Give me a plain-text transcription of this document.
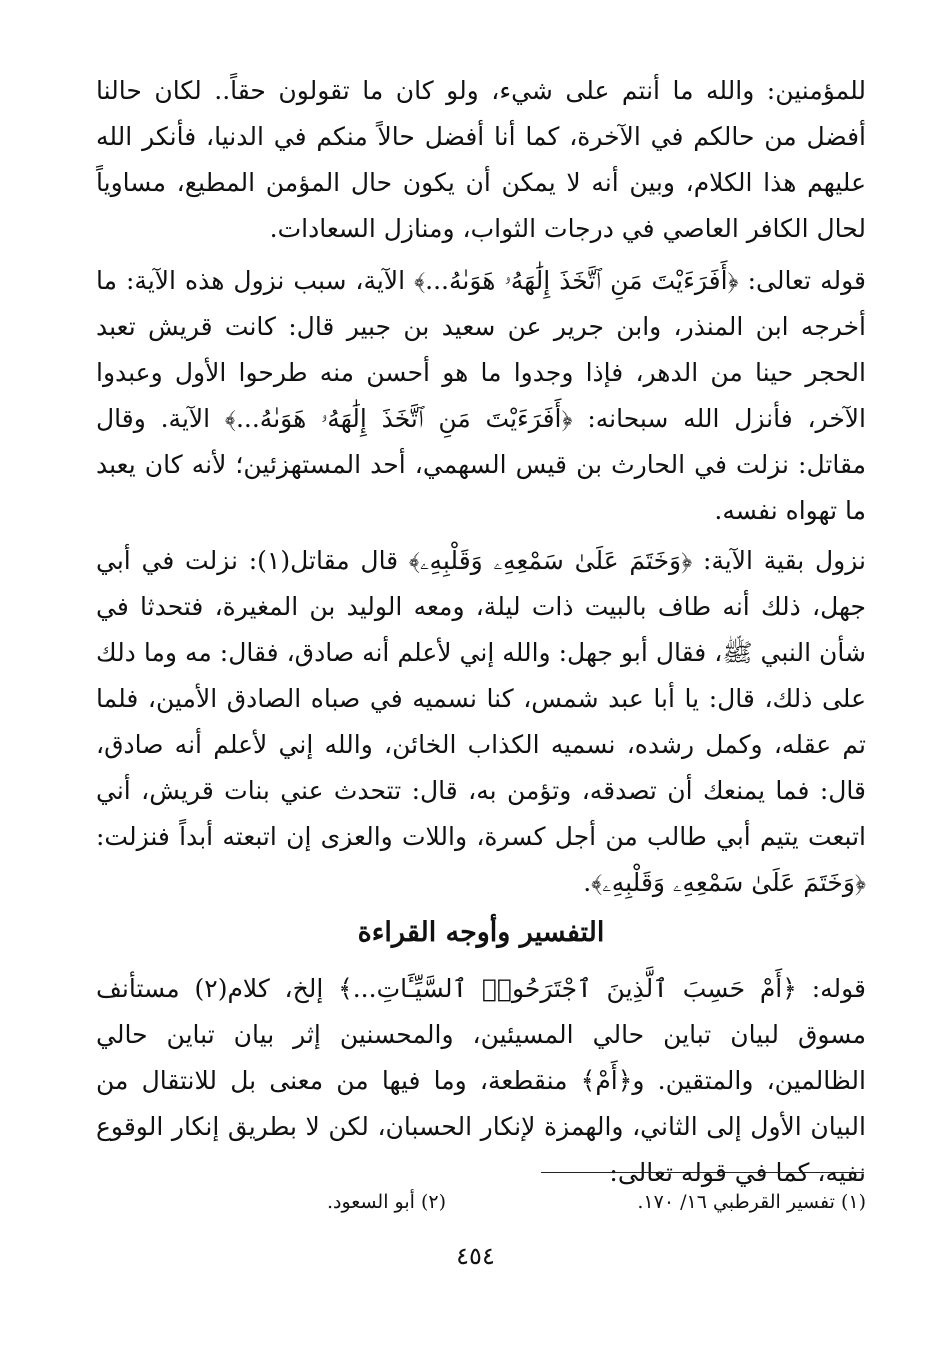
للمؤمنين: والله ما أنتم على شيء، ولو كان ما تقولون حقاً.. لكان حالنا أفضل من حالكم في الآخرة، كما أنا أفضل حالاً منكم في الدنيا، فأنكر الله عليهم هذا الكلام، وبين أنه لا يمكن أن يكون حال المؤمن المطيع، مساوياً لحال الكافر العاصي في درجات الثواب، ومنازل السعادات.

قوله تعالى: ﴿أَفَرَءَيْتَ مَنِ ٱتَّخَذَ إِلَٰهَهُۥ هَوَىٰهُ...﴾ الآية، سبب نزول هذه الآية: ما أخرجه ابن المنذر، وابن جرير عن سعيد بن جبير قال: كانت قريش تعبد الحجر حينا من الدهر، فإذا وجدوا ما هو أحسن منه طرحوا الأول وعبدوا الآخر، فأنزل الله سبحانه: ﴿أَفَرَءَيْتَ مَنِ ٱتَّخَذَ إِلَٰهَهُۥ هَوَىٰهُ...﴾ الآية. وقال مقاتل: نزلت في الحارث بن قيس السهمي، أحد المستهزئين؛ لأنه كان يعبد ما تهواه نفسه.

نزول بقية الآية: ﴿وَخَتَمَ عَلَىٰ سَمْعِهِۦ وَقَلْبِهِۦ﴾ قال مقاتل(١): نزلت في أبي جهل، ذلك أنه طاف بالبيت ذات ليلة، ومعه الوليد بن المغيرة، فتحدثا في شأن النبي ﷺ، فقال أبو جهل: والله إني لأعلم أنه صادق، فقال: مه وما دلك على ذلك، قال: يا أبا عبد شمس، كنا نسميه في صباه الصادق الأمين، فلما تم عقله، وكمل رشده، نسميه الكذاب الخائن، والله إني لأعلم أنه صادق، قال: فما يمنعك أن تصدقه، وتؤمن به، قال: تتحدث عني بنات قريش، أني اتبعت يتيم أبي طالب من أجل كسرة، واللات والعزى إن اتبعته أبداً فنزلت: ﴿وَخَتَمَ عَلَىٰ سَمْعِهِۦ وَقَلْبِهِۦ﴾.

التفسير وأوجه القراءة

قوله: ﴿أَمْ حَسِبَ ٱلَّذِينَ ٱجْتَرَحُوا۟ ٱلسَّيِّـَٔاتِ...﴾ إلخ، كلام(٢) مستأنف مسوق لبيان تباين حالي المسيئين، والمحسنين إثر بيان تباين حالي الظالمين، والمتقين. و﴿أَمْ﴾ منقطعة، وما فيها من معنى بل للانتقال من البيان الأول إلى الثاني، والهمزة لإنكار الحسبان، لكن لا بطريق إنكار الوقوع نفيه، كما في قوله تعالى:

(١) تفسير القرطبي ١٦/ ١٧٠.
(٢) أبو السعود.
٤٥٤
